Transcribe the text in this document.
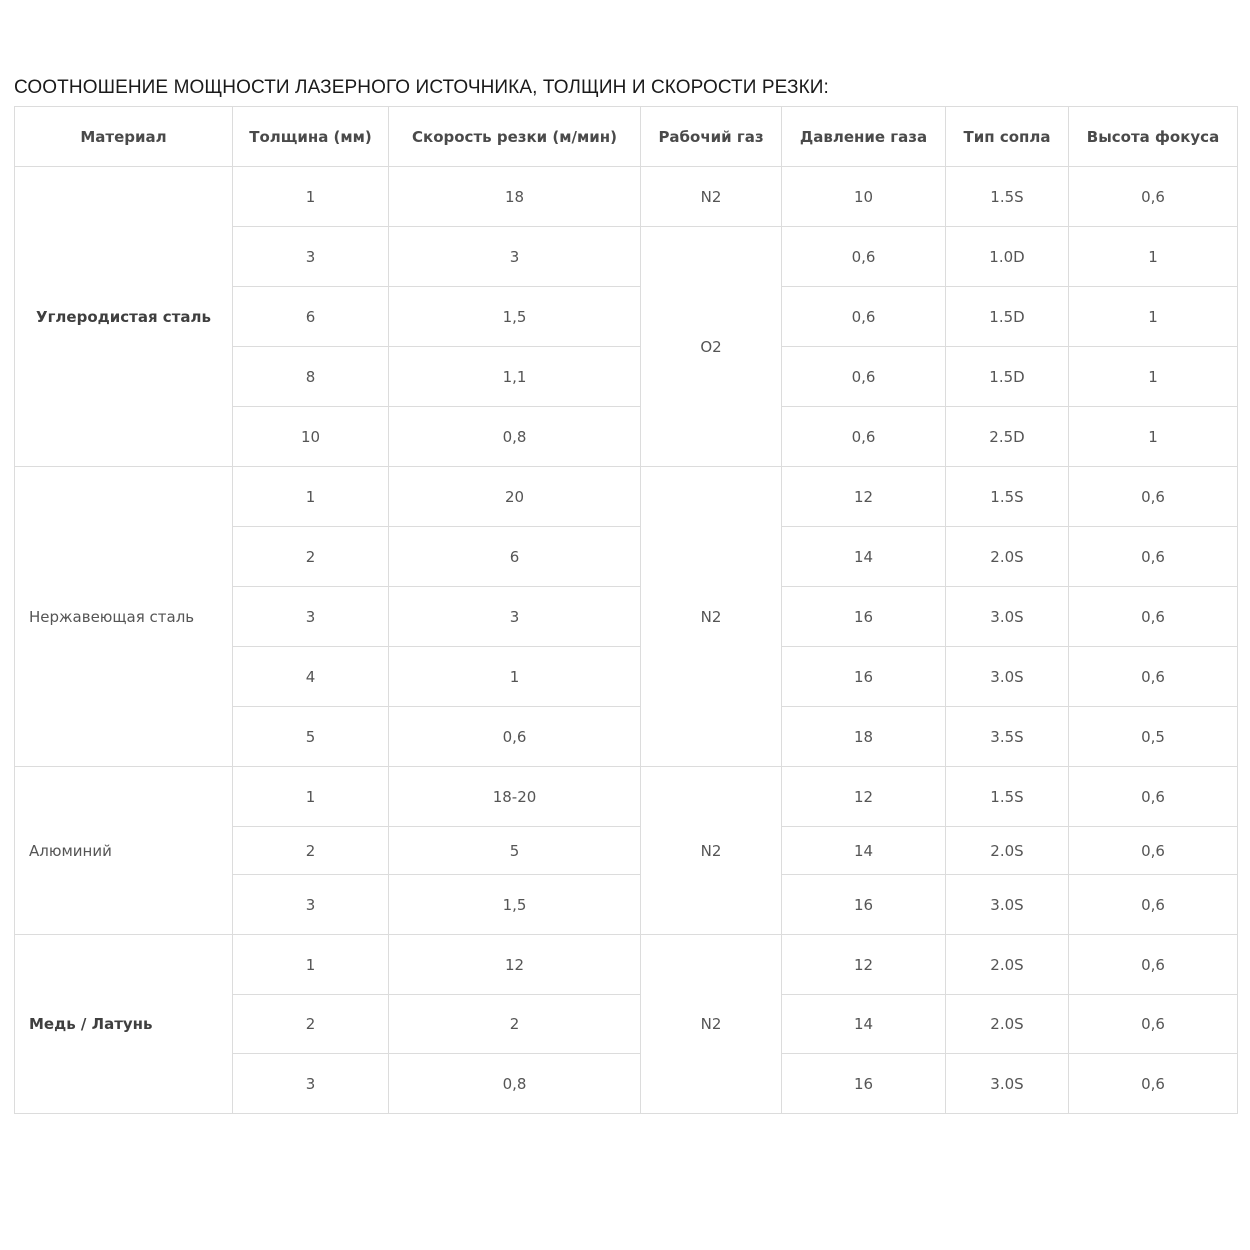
СООТНОШЕНИЕ МОЩНОСТИ ЛАЗЕРНОГО ИСТОЧНИКА, ТОЛЩИН И СКОРОСТИ РЕЗКИ:
Материал	Толщина (мм)	Скорость резки (м/мин)	Рабочий газ	Давление газа	Тип сопла	Высота фокуса
Углеродистая сталь	1	18	N2	10	1.5S	0,6
	3	3	O2	0,6	1.0D	1
	6	1,5		0,6	1.5D	1
	8	1,1		0,6	1.5D	1
	10	0,8		0,6	2.5D	1
Нержавеющая сталь	1	20	N2	12	1.5S	0,6
	2	6		14	2.0S	0,6
	3	3		16	3.0S	0,6
	4	1		16	3.0S	0,6
	5	0,6		18	3.5S	0,5
Алюминий	1	18-20	N2	12	1.5S	0,6
	2	5		14	2.0S	0,6
	3	1,5		16	3.0S	0,6
Медь / Латунь	1	12	N2	12	2.0S	0,6
	2	2		14	2.0S	0,6
	3	0,8		16	3.0S	0,6
